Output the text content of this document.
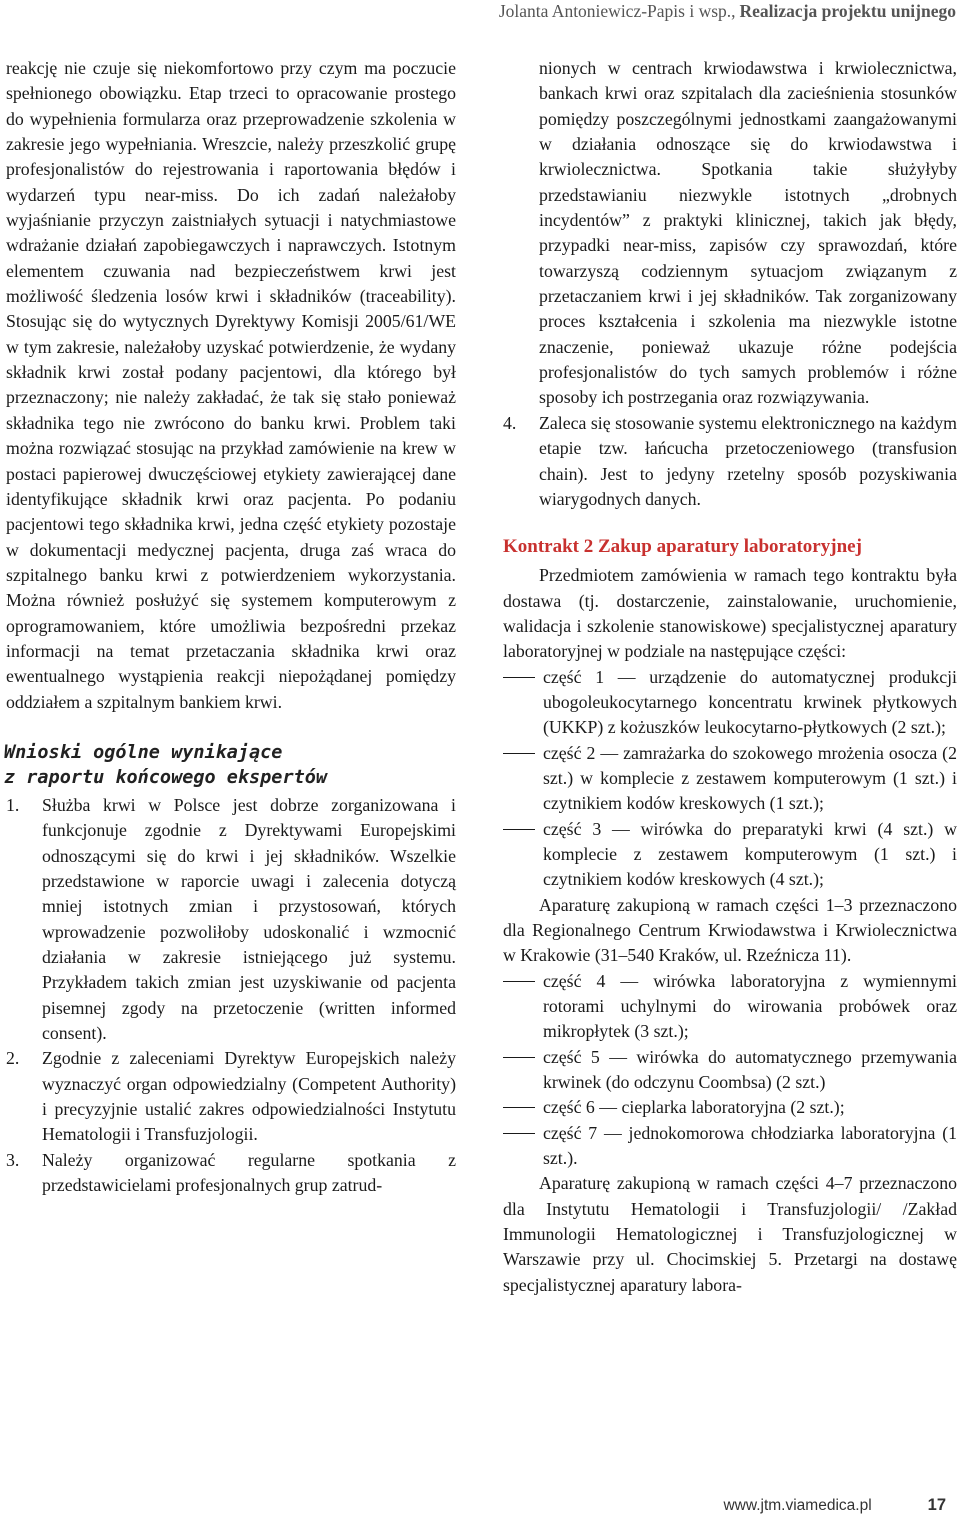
Jolanta Antoniewicz-Papis i wsp., Realizacja projektu unijnego

reakcję nie czuje się niekomfortowo przy czym ma poczucie spełnionego obowiązku. Etap trzeci to opracowanie prostego do wypełnienia formularza oraz przeprowadzenie szkolenia w zakresie jego wypełniania. Wreszcie, należy przeszkolić grupę profesjonalistów do rejestrowania i raportowania błędów i wydarzeń typu near-miss. Do ich zadań należałoby wyjaśnianie przyczyn zaistniałych sytuacji i natychmiastowe wdrażanie działań zapobiegawczych i naprawczych. Istotnym elementem czuwania nad bezpieczeństwem krwi jest możliwość śledzenia losów krwi i składników (traceability). Stosując się do wytycznych Dyrektywy Komisji 2005/61/WE w tym zakresie, należałoby uzyskać potwierdzenie, że wydany składnik krwi został podany pacjentowi, dla którego był przeznaczony; nie należy zakładać, że tak się stało ponieważ składnika tego nie zwrócono do banku krwi. Problem taki można rozwiązać stosując na przykład zamówienie na krew w postaci papierowej dwuczęściowej etykiety zawierającej dane identyfikujące składnik krwi oraz pacjenta. Po podaniu pacjentowi tego składnika krwi, jedna część etykiety pozostaje w dokumentacji medycznej pacjenta, druga zaś wraca do szpitalnego banku krwi z potwierdzeniem wykorzystania. Można również posłużyć się systemem komputerowym z oprogramowaniem, które umożliwia bezpośredni przekaz informacji na temat przetaczania składnika krwi oraz ewentualnego wystąpienia reakcji niepożądanej pomiędzy oddziałem a szpitalnym bankiem krwi.

Wnioski ogólne wynikające
z raportu końcowego ekspertów
1. Służba krwi w Polsce jest dobrze zorganizowana i funkcjonuje zgodnie z Dyrektywami Europejskimi odnoszącymi się do krwi i jej składników. Wszelkie przedstawione w raporcie uwagi i zalecenia dotyczą mniej istotnych zmian i przystosowań, których wprowadzenie pozwoliłoby udoskonalić i wzmocnić działania w zakresie istniejącego już systemu. Przykładem takich zmian jest uzyskiwanie od pacjenta pisemnej zgody na przetoczenie (written informed consent).

2. Zgodnie z zaleceniami Dyrektyw Europejskich należy wyznaczyć organ odpowiedzialny (Competent Authority) i precyzyjnie ustalić zakres odpowiedzialności Instytutu Hematologii i Transfuzjologii.

3. Należy organizować regularne spotkania z przedstawicielami profesjonalnych grup zatrud-

nionych w centrach krwiodawstwa i krwiolecznictwa, bankach krwi oraz szpitalach dla zacieśnienia stosunków pomiędzy poszczególnymi jednostkami zaangażowanymi w działania odnoszące się do krwiodawstwa i krwiolecznictwa. Spotkania takie służyłyby przedstawianiu niezwykle istotnych „drobnych incydentów” z praktyki klinicznej, takich jak błędy, przypadki near-miss, zapisów czy sprawozdań, które towarzyszą codziennym sytuacjom związanym z przetaczaniem krwi i jej składników. Tak zorganizowany proces kształcenia i szkolenia ma niezwykle istotne znaczenie, ponieważ ukazuje różne podejścia profesjonalistów do tych samych problemów i różne sposoby ich postrzegania oraz rozwiązywania.

4. Zaleca się stosowanie systemu elektronicznego na każdym etapie tzw. łańcucha przetoczeniowego (transfusion chain). Jest to jedyny rzetelny sposób pozyskiwania wiarygodnych danych.

Kontrakt 2 Zakup aparatury laboratoryjnej

Przedmiotem zamówienia w ramach tego kontraktu była dostawa (tj. dostarczenie, zainstalowanie, uruchomienie, walidacja i szkolenie stanowiskowe) specjalistycznej aparatury laboratoryjnej w podziale na następujące części:

część 1 — urządzenie do automatycznej produkcji ubogoleukocytarnego koncentratu krwinek płytkowych (UKKP) z kożuszków leukocytarno-płytkowych (2 szt.);

część 2 — zamrażarka do szokowego mrożenia osocza (2 szt.) w komplecie z zestawem komputerowym (1 szt.) i czytnikiem kodów kreskowych (1 szt.);

część 3 — wirówka do preparatyki krwi (4 szt.) w komplecie z zestawem komputerowym (1 szt.) i czytnikiem kodów kreskowych (4 szt.);

Aparaturę zakupioną w ramach części 1–3 przeznaczono dla Regionalnego Centrum Krwiodawstwa i Krwiolecznictwa w Krakowie (31–540 Kraków, ul. Rzeźnicza 11).

część 4 — wirówka laboratoryjna z wymiennymi rotorami uchylnymi do wirowania probówek oraz mikropłytek (3 szt.);

część 5 — wirówka do automatycznego przemywania krwinek (do odczynu Coombsa) (2 szt.)

część 6 — cieplarka laboratoryjna (2 szt.);

część 7 — jednokomorowa chłodziarka laboratoryjna (1 szt.).

Aparaturę zakupioną w ramach części 4–7 przeznaczono dla Instytutu Hematologii i Transfuzjologii/ /Zakład Immunologii Hematologicznej i Transfuzjologicznej w Warszawie przy ul. Chocimskiej 5. Przetargi na dostawę specjalistycznej aparatury labora-

www.jtm.viamedica.pl	17
